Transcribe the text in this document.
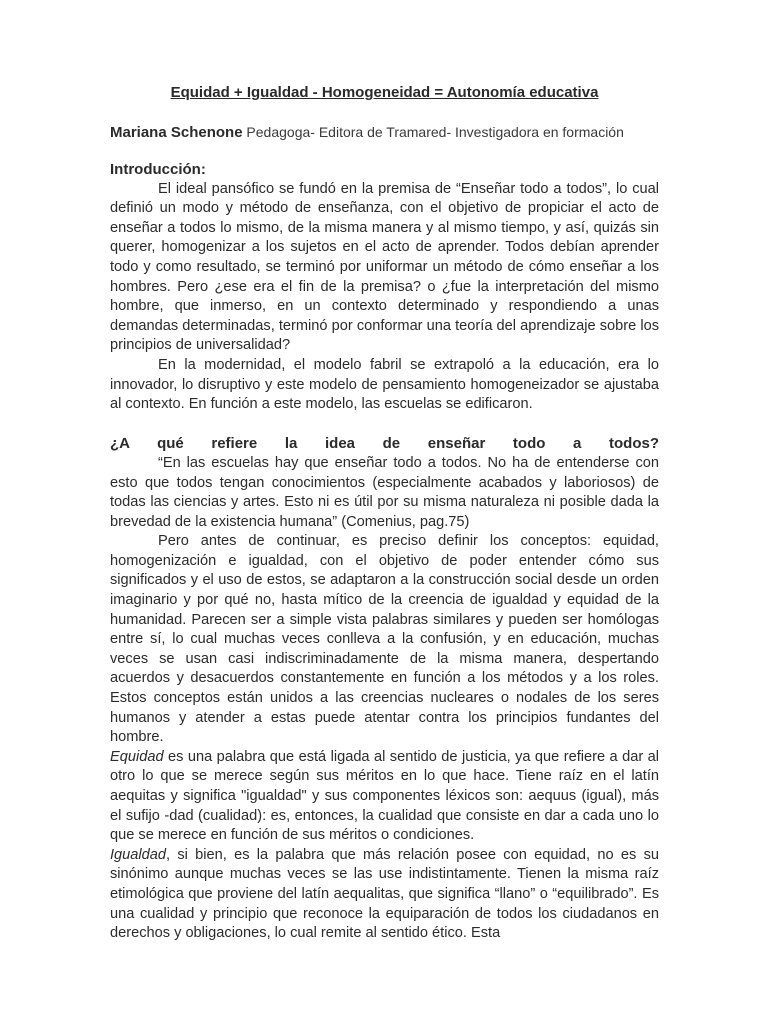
Equidad + Igualdad - Homogeneidad = Autonomía educativa

Mariana Schenone Pedagoga- Editora de Tramared- Investigadora en formación

Introducción:

El ideal pansófico se fundó en la premisa de “Enseñar todo a todos”, lo cual definió un modo y método de enseñanza, con el objetivo de propiciar el acto de enseñar a todos lo mismo, de la misma manera y al mismo tiempo, y así, quizás sin querer, homogenizar a los sujetos en el acto de aprender. Todos debían aprender todo y como resultado, se terminó por uniformar un método de cómo enseñar a los hombres. Pero ¿ese era el fin de la premisa? o ¿fue la interpretación del mismo hombre, que inmerso, en un contexto determinado y respondiendo a unas demandas determinadas, terminó por conformar una teoría del aprendizaje sobre los principios de universalidad?

En la modernidad, el modelo fabril se extrapoló a la educación, era lo innovador, lo disruptivo y este modelo de pensamiento homogeneizador se ajustaba al contexto. En función a este modelo, las escuelas se edificaron.

¿A qué refiere la idea de enseñar todo a todos?

“En las escuelas hay que enseñar todo a todos. No ha de entenderse con esto que todos tengan conocimientos (especialmente acabados y laboriosos) de todas las ciencias y artes. Esto ni es útil por su misma naturaleza ni posible dada la brevedad de la existencia humana” (Comenius, pag.75)

Pero antes de continuar, es preciso definir los conceptos: equidad, homogenización e igualdad, con el objetivo de poder entender cómo sus significados y el uso de estos, se adaptaron a la construcción social desde un orden imaginario y por qué no, hasta mítico de la creencia de igualdad y equidad de la humanidad. Parecen ser a simple vista palabras similares y pueden ser homólogas entre sí, lo cual muchas veces conlleva a la confusión, y en educación, muchas veces se usan casi indiscriminadamente de la misma manera, despertando acuerdos y desacuerdos constantemente en función a los métodos y a los roles. Estos conceptos están unidos a las creencias nucleares o nodales de los seres humanos y atender a estas puede atentar contra los principios fundantes del hombre.

Equidad es una palabra que está ligada al sentido de justicia, ya que refiere a dar al otro lo que se merece según sus méritos en lo que hace. Tiene raíz en el latín aequitas y significa "igualdad" y sus componentes léxicos son: aequus (igual), más el sufijo -dad (cualidad): es, entonces, la cualidad que consiste en dar a cada uno lo que se merece en función de sus méritos o condiciones.

Igualdad, si bien, es la palabra que más relación posee con equidad, no es su sinónimo aunque muchas veces se las use indistintamente. Tienen la misma raíz etimológica que proviene del latín aequalitas, que significa “llano” o “equilibrado”. Es una cualidad y principio que reconoce la equiparación de todos los ciudadanos en derechos y obligaciones, lo cual remite al sentido ético. Esta
